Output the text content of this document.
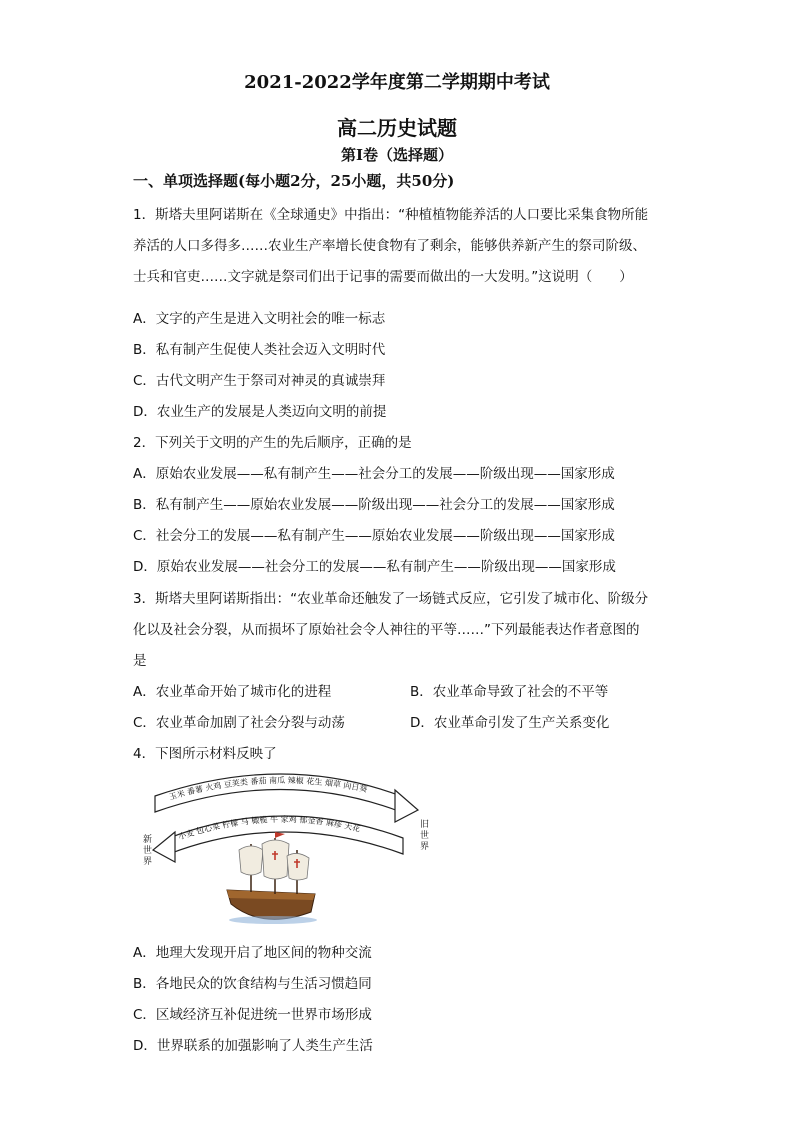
2021-2022学年度第二学期期中考试
高二历史试题
第Ⅰ卷（选择题）
一、单项选择题(每小题2分，25小题，共50分)
1．斯塔夫里阿诺斯在《全球通史》中指出：“种植植物能养活的人口要比采集食物所能
养活的人口多得多……农业生产率增长使食物有了剩余，能够供养新产生的祭司阶级、
士兵和官吏……文字就是祭司们出于记事的需要而做出的一大发明。”这说明（　　）
A．文字的产生是进入文明社会的唯一标志
B．私有制产生促使人类社会迈入文明时代
C．古代文明产生于祭司对神灵的真诚崇拜
D．农业生产的发展是人类迈向文明的前提
2．下列关于文明的产生的先后顺序，正确的是
A．原始农业发展——私有制产生——社会分工的发展——阶级出现——国家形成
B．私有制产生——原始农业发展——阶级出现——社会分工的发展——国家形成
C．社会分工的发展——私有制产生——原始农业发展——阶级出现——国家形成
D．原始农业发展——社会分工的发展——私有制产生——阶级出现——国家形成
3．斯塔夫里阿诺斯指出：“农业革命还触发了一场链式反应，它引发了城市化、阶级分
化以及社会分裂，从而损坏了原始社会令人神往的平等……”下列最能表达作者意图的
是
A．农业革命开始了城市化的进程	B．农业革命导致了社会的不平等
C．农业革命加剧了社会分裂与动荡	D．农业革命引发了生产关系变化
4．下图所示材料反映了
玉米 番薯 火鸡 豆荚类 番茄 南瓜 辣椒 花生 烟草 向日葵
小麦 包心菜 柠檬 马 橄榄 牛 家鸡 郁金香 麻疹 天花
新世界
旧世界
A．地理大发现开启了地区间的物种交流
B．各地民众的饮食结构与生活习惯趋同
C．区域经济互补促进统一世界市场形成
D．世界联系的加强影响了人类生产生活
